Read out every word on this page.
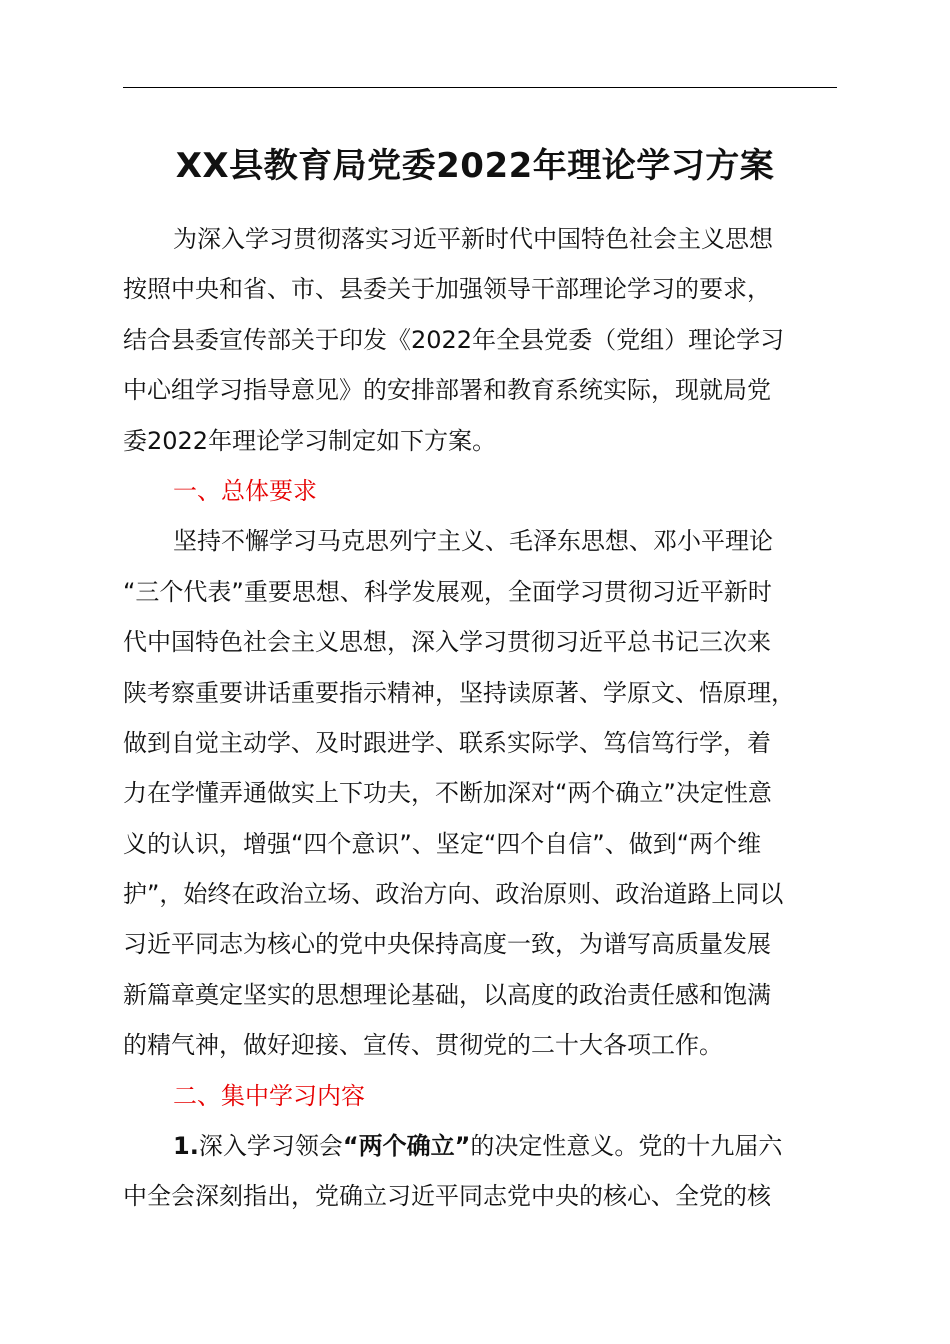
XX县教育局党委2022年理论学习方案
为深入学习贯彻落实习近平新时代中国特色社会主义思想
按照中央和省、市、县委关于加强领导干部理论学习的要求，
结合县委宣传部关于印发《2022年全县党委（党组）理论学习
中心组学习指导意见》的安排部署和教育系统实际，现就局党
委2022年理论学习制定如下方案。
一、总体要求
坚持不懈学习马克思列宁主义、毛泽东思想、邓小平理论
“三个代表”重要思想、科学发展观，全面学习贯彻习近平新时
代中国特色社会主义思想，深入学习贯彻习近平总书记三次来
陕考察重要讲话重要指示精神，坚持读原著、学原文、悟原理，
做到自觉主动学、及时跟进学、联系实际学、笃信笃行学，着
力在学懂弄通做实上下功夫，不断加深对“两个确立”决定性意
义的认识，增强“四个意识”、坚定“四个自信”、做到“两个维
护”，始终在政治立场、政治方向、政治原则、政治道路上同以
习近平同志为核心的党中央保持高度一致，为谱写高质量发展
新篇章奠定坚实的思想理论基础，以高度的政治责任感和饱满
的精气神，做好迎接、宣传、贯彻党的二十大各项工作。
二、集中学习内容
1.深入学习领会“两个确立”的决定性意义。党的十九届六
中全会深刻指出，党确立习近平同志党中央的核心、全党的核
